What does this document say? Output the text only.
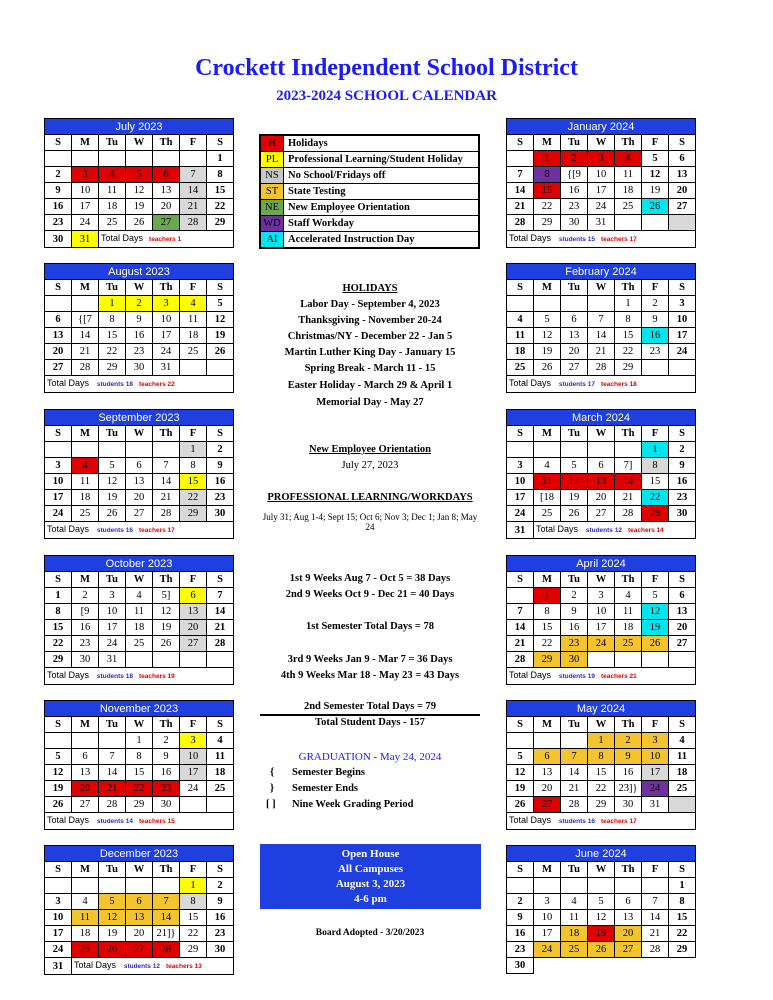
Crockett Independent School District
2023-2024 SCHOOL CALENDAR
July 2023
S	M	Tu	W	Th	F	S
						1
2	3	4	5	6	7	8
9	10	11	12	13	14	15
16	17	18	19	20	21	22
23	24	25	26	27	28	29
30	31	Total Days teachers 1				
August 2023
S	M	Tu	W	Th	F	S
		1	2	3	4	5
6	{[7	8	9	10	11	12
13	14	15	16	17	18	19
20	21	22	23	24	25	26
27	28	29	30	31		
Total Days students 18 teachers 22						
September 2023
S	M	Tu	W	Th	F	S
					1	2
3	4	5	6	7	8	9
10	11	12	13	14	15	16
17	18	19	20	21	22	23
24	25	26	27	28	29	30
Total Days students 16 teachers 17						
October 2023
S	M	Tu	W	Th	F	S
1	2	3	4	5]	6	7
8	[9	10	11	12	13	14
15	16	17	18	19	20	21
22	23	24	25	26	27	28
29	30	31				
Total Days students 18 teachers 19						
November 2023
S	M	Tu	W	Th	F	S
			1	2	3	4
5	6	7	8	9	10	11
12	13	14	15	16	17	18
19	20	21	22	23	24	25
26	27	28	29	30		
Total Days students 14 teachers 15						
December 2023
S	M	Tu	W	Th	F	S
					1	2
3	4	5	6	7	8	9
10	11	12	13	14	15	16
17	18	19	20	21]}	22	23
24	25	26	27	28	29	30
31	Total Days students 12 teachers 13					
January 2024
S	M	Tu	W	Th	F	S
	1	2	3	4	5	6
7	8	{[9	10	11	12	13
14	15	16	17	18	19	20
21	22	23	24	25	26	27
28	29	30	31			
Total Days students 15 teachers 17						
February 2024
S	M	Tu	W	Th	F	S
				1	2	3
4	5	6	7	8	9	10
11	12	13	14	15	16	17
18	19	20	21	22	23	24
25	26	27	28	29		
Total Days students 17 teachers 18						
March 2024
S	M	Tu	W	Th	F	S
					1	2
3	4	5	6	7]	8	9
10	11	12	13	14	15	16
17	[18	19	20	21	22	23
24	25	26	27	28	29	30
31	Total Days students 12 teachers 14					
April 2024
S	M	Tu	W	Th	F	S
	1	2	3	4	5	6
7	8	9	10	11	12	13
14	15	16	17	18	19	20
21	22	23	24	25	26	27
28	29	30				
Total Days students 19 teachers 21						
May 2024
S	M	Tu	W	Th	F	S
			1	2	3	4
5	6	7	8	9	10	11
12	13	14	15	16	17	18
19	20	21	22	23]}	24	25
26	27	28	29	30	31	
Total Days students 16 teachers 17						
June 2024
S	M	Tu	W	Th	F	S
						1
2	3	4	5	6	7	8
9	10	11	12	13	14	15
16	17	18	19	20	21	22
23	24	25	26	27	28	29
30						
H	Holidays
PL	Professional Learning/Student Holiday
NS	No School/Fridays off
ST	State Testing
NE	New Employee Orientation
WD	Staff Workday
AI	Accelerated Instruction Day
HOLIDAYS
Labor Day - September 4, 2023
Thanksgiving - November 20-24
Christmas/NY - December 22 - Jan 5
Martin Luther King Day - January 15
Spring Break - March 11 - 15
Easter Holiday - March 29 & April 1
Memorial Day - May 27
New Employee Orientation
July 27, 2023
PROFESSIONAL LEARNING/WORKDAYS
July 31; Aug 1-4; Sept 15; Oct 6; Nov 3; Dec 1; Jan 8; May 24
1st 9 Weeks Aug 7 - Oct 5 = 38 Days
2nd 9 Weeks Oct 9 - Dec 21 = 40 Days
1st Semester Total Days = 78
3rd 9 Weeks Jan 9 - Mar 7 = 36 Days
4th 9 Weeks Mar 18 - May 23 = 43 Days
2nd Semester Total Days = 79
Total Student Days - 157
GRADUATION - May 24, 2024
{ Semester Begins
} Semester Ends
[ ] Nine Week Grading Period
Open House
All Campuses
August 3, 2023
4-6 pm
Board Adopted - 3/20/2023
